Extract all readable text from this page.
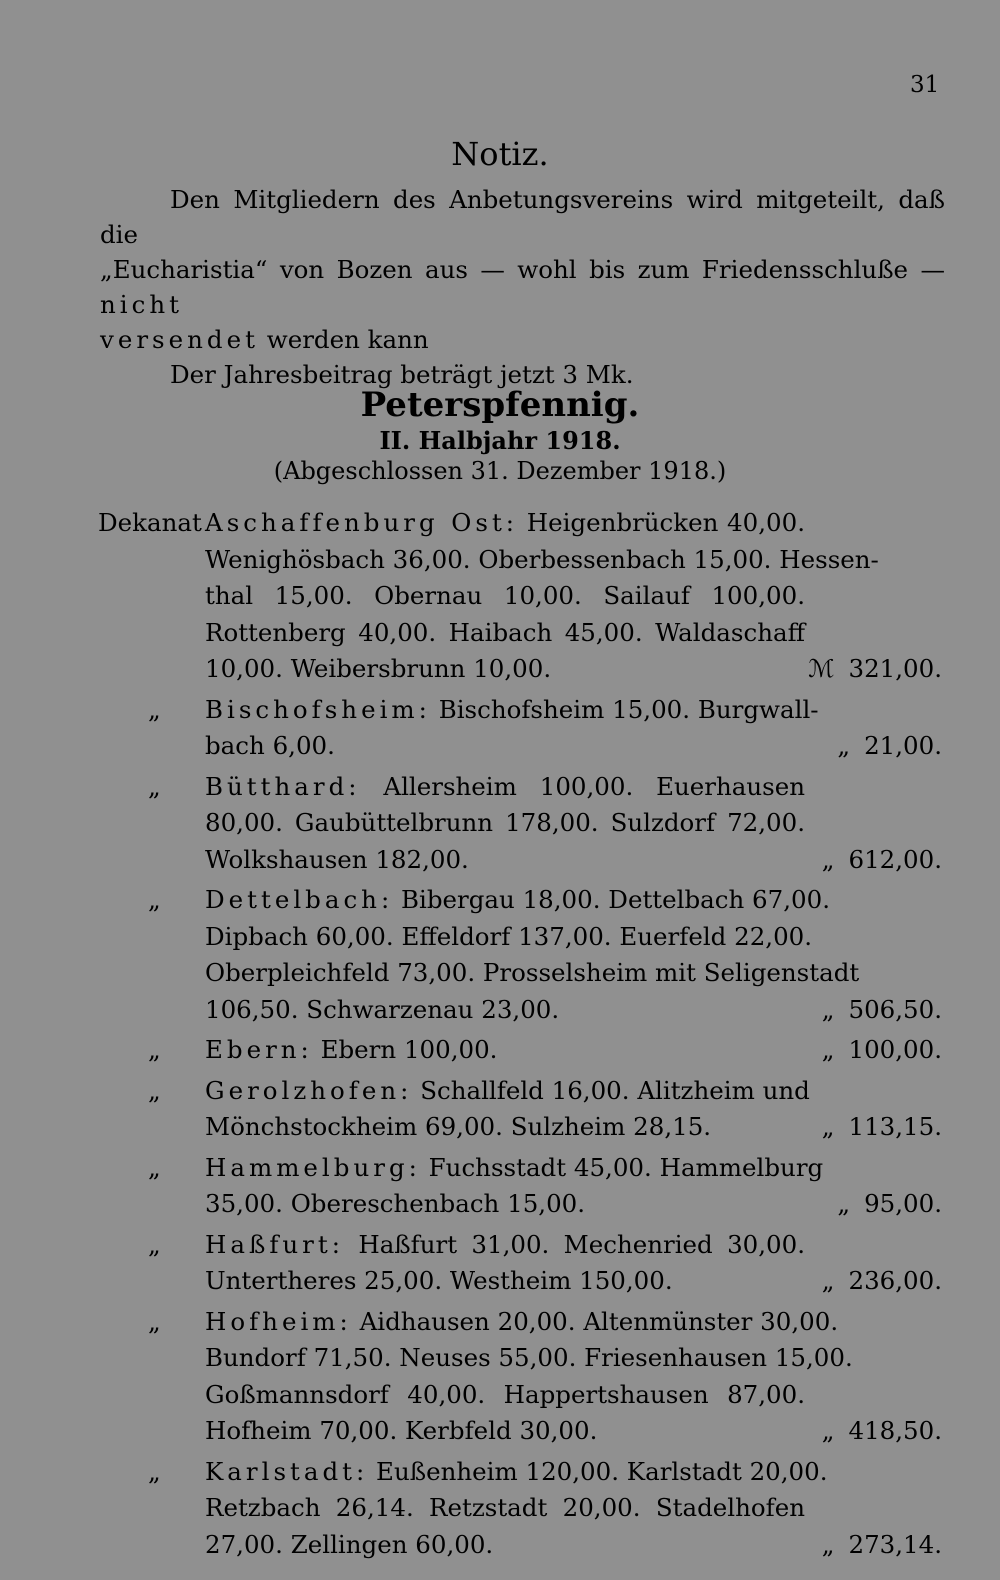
31
Notiz.

Den Mitgliedern des Anbetungsvereins wird mitgeteilt, daß die

„Eucharistia“ von Bozen aus — wohl bis zum Friedensschluße — nicht

versendet werden kann

Der Jahresbeitrag beträgt jetzt 3 Mk.

Peterspfennig.
II. Halbjahr 1918.
(Abgeschlossen 31. Dezember 1918.)
Dekanat Aschaffenburg Ost: Heigenbrücken 40,00.
Wenighösbach 36,00. Oberbessenbach 15,00. Hessen-
thal 15,00. Obernau 10,00. Sailauf 100,00.
Rottenberg 40,00. Haibach 45,00. Waldaschaff
10,00. Weibersbrunn 10,00.	ℳ 321,00.
„ Bischofsheim: Bischofsheim 15,00. Burgwall-
bach 6,00.	„ 21,00.
„ Bütthard: Allersheim 100,00. Euerhausen
80,00. Gaubüttelbrunn 178,00. Sulzdorf 72,00.
Wolkshausen 182,00.	„ 612,00.
„ Dettelbach: Bibergau 18,00. Dettelbach 67,00.
Dipbach 60,00. Effeldorf 137,00. Euerfeld 22,00.
Oberpleichfeld 73,00. Prosselsheim mit Seligenstadt
106,50. Schwarzenau 23,00.	„ 506,50.
„ Ebern: Ebern 100,00.	„ 100,00.
„ Gerolzhofen: Schallfeld 16,00. Alitzheim und
Mönchstockheim 69,00. Sulzheim 28,15.	„ 113,15.
„ Hammelburg: Fuchsstadt 45,00. Hammelburg
35,00. Obereschenbach 15,00.	„ 95,00.
„ Haßfurt: Haßfurt 31,00. Mechenried 30,00.
Untertheres 25,00. Westheim 150,00.	„ 236,00.
„ Hofheim: Aidhausen 20,00. Altenmünster 30,00.
Bundorf 71,50. Neuses 55,00. Friesenhausen 15,00.
Goßmannsdorf 40,00. Happertshausen 87,00.
Hofheim 70,00. Kerbfeld 30,00.	„ 418,50.
„ Karlstadt: Eußenheim 120,00. Karlstadt 20,00.
Retzbach 26,14. Retzstadt 20,00. Stadelhofen
27,00. Zellingen 60,00.	„ 273,14.
